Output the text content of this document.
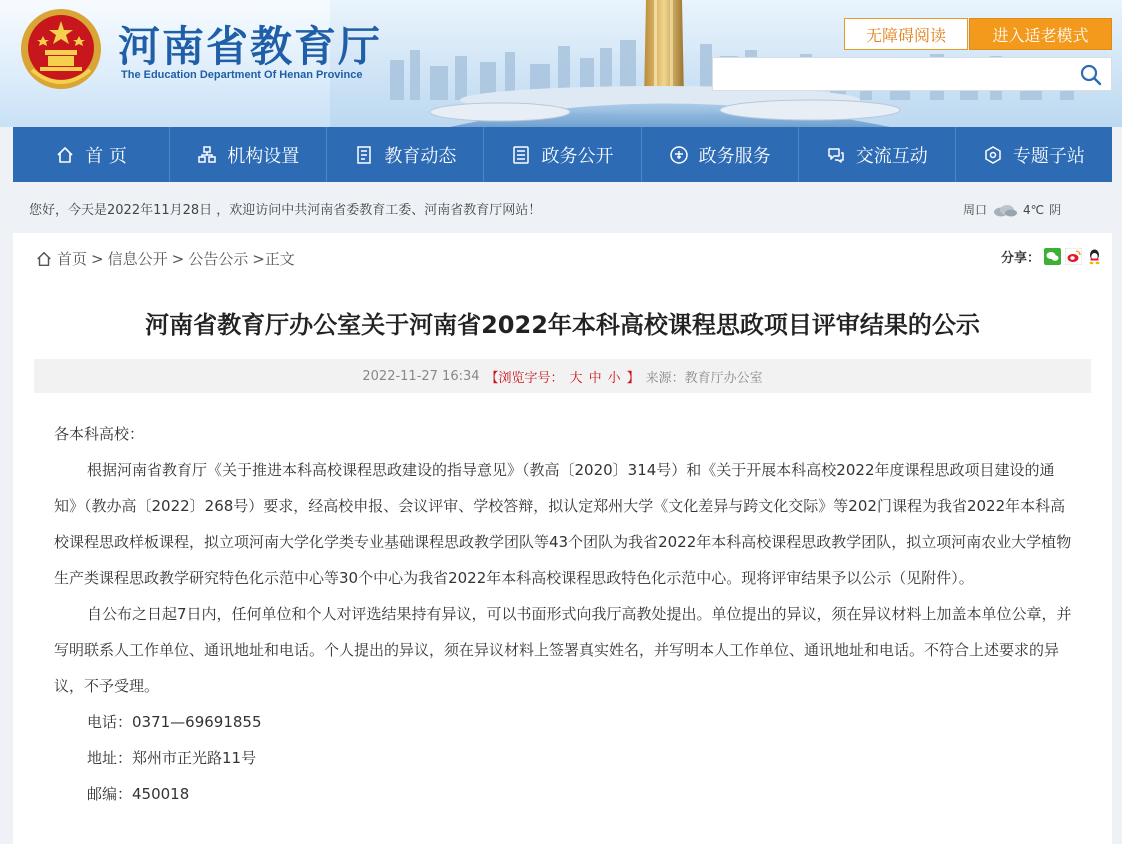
河南省教育厅
The Education Department Of Henan Province
无障碍阅读	进入适老模式
首 页	机构设置	教育动态	政务公开	政务服务	交流互动	专题子站
您好，今天是2022年11月28日 ，欢迎访问中共河南省委教育工委、河南省教育厅网站！	周口	4℃ 阴
首页 > 信息公开 > 公告公示 >正文	分享：
河南省教育厅办公室关于河南省2022年本科高校课程思政项目评审结果的公示
2022-11-27 16:34 【浏览字号： 大 中 小 】 来源：教育厅办公室

各本科高校：

根据河南省教育厅《关于推进本科高校课程思政建设的指导意见》（教高〔2020〕314号）和《关于开展本科高校2022年度课程思政项目建设的通知》（教办高〔2022〕268号）要求，经高校申报、会议评审、学校答辩，拟认定郑州大学《文化差异与跨文化交际》等202门课程为我省2022年本科高校课程思政样板课程，拟立项河南大学化学类专业基础课程思政教学团队等43个团队为我省2022年本科高校课程思政教学团队，拟立项河南农业大学植物生产类课程思政教学研究特色化示范中心等30个中心为我省2022年本科高校课程思政特色化示范中心。现将评审结果予以公示（见附件）。

自公布之日起7日内，任何单位和个人对评选结果持有异议，可以书面形式向我厅高教处提出。单位提出的异议，须在异议材料上加盖本单位公章，并写明联系人工作单位、通讯地址和电话。个人提出的异议，须在异议材料上签署真实姓名，并写明本人工作单位、通讯地址和电话。不符合上述要求的异议，不予受理。

电话：0371—69691855

地址：郑州市正光路11号

邮编：450018
